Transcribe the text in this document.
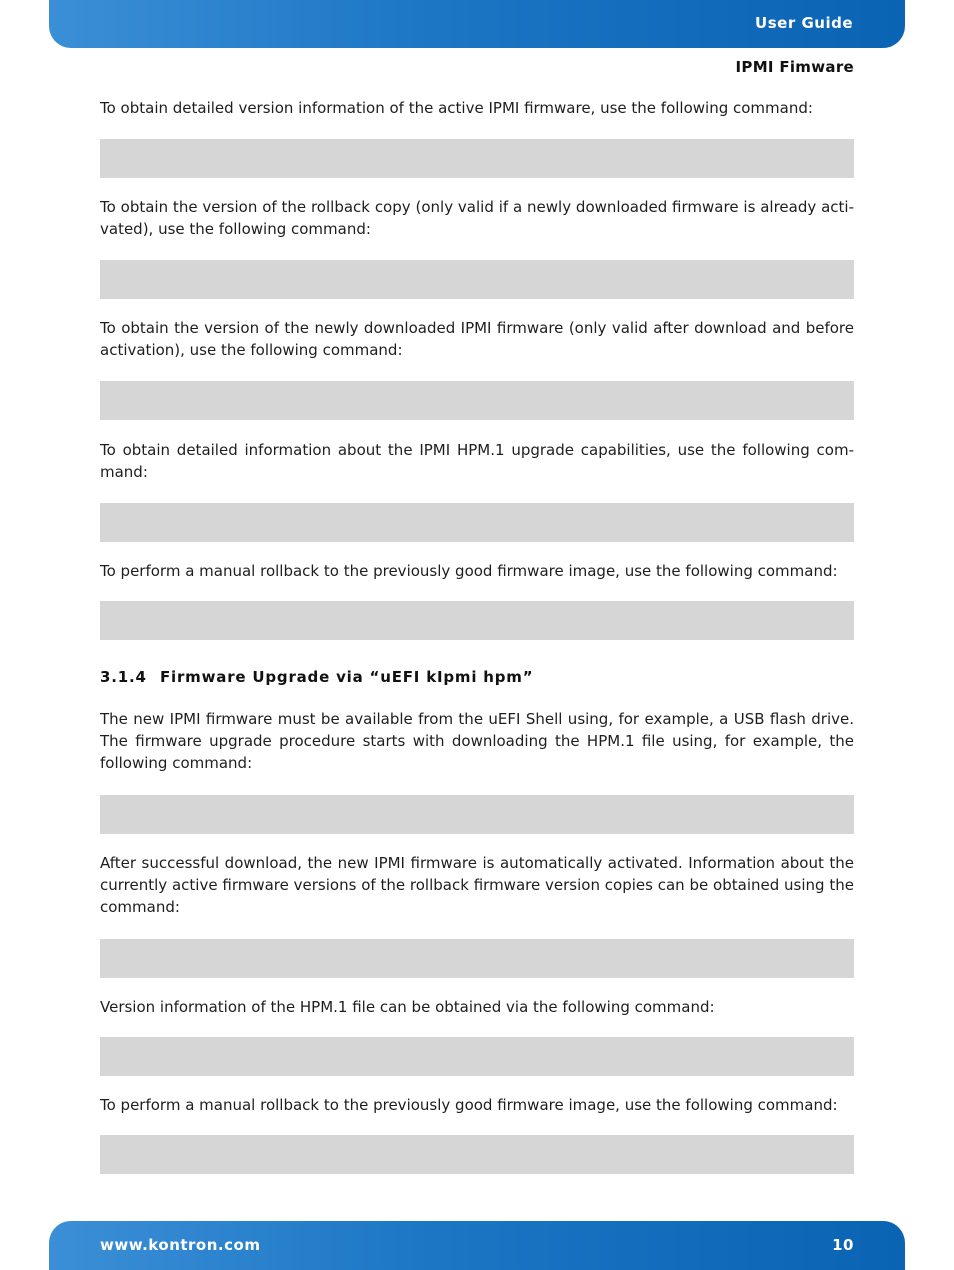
User Guide
IPMI Fimware

To obtain detailed version information of the active IPMI firmware, use the following command:

To obtain the version of the rollback copy (only valid if a newly downloaded firmware is already acti-vated), use the following command:

To obtain the version of the newly downloaded IPMI firmware (only valid after download and before activation), use the following command:

To obtain detailed information about the IPMI HPM.1 upgrade capabilities, use the following com-mand:

To perform a manual rollback to the previously good firmware image, use the following command:

3.1.4 Firmware Upgrade via “uEFI kIpmi hpm”

The new IPMI firmware must be available from the uEFI Shell using, for example, a USB flash drive. The firmware upgrade procedure starts with downloading the HPM.1 file using, for example, the following command:

After successful download, the new IPMI firmware is automatically activated. Information about the currently active firmware versions of the rollback firmware version copies can be obtained using the command:

Version information of the HPM.1 file can be obtained via the following command:

To perform a manual rollback to the previously good firmware image, use the following command:

www.kontron.com	10
